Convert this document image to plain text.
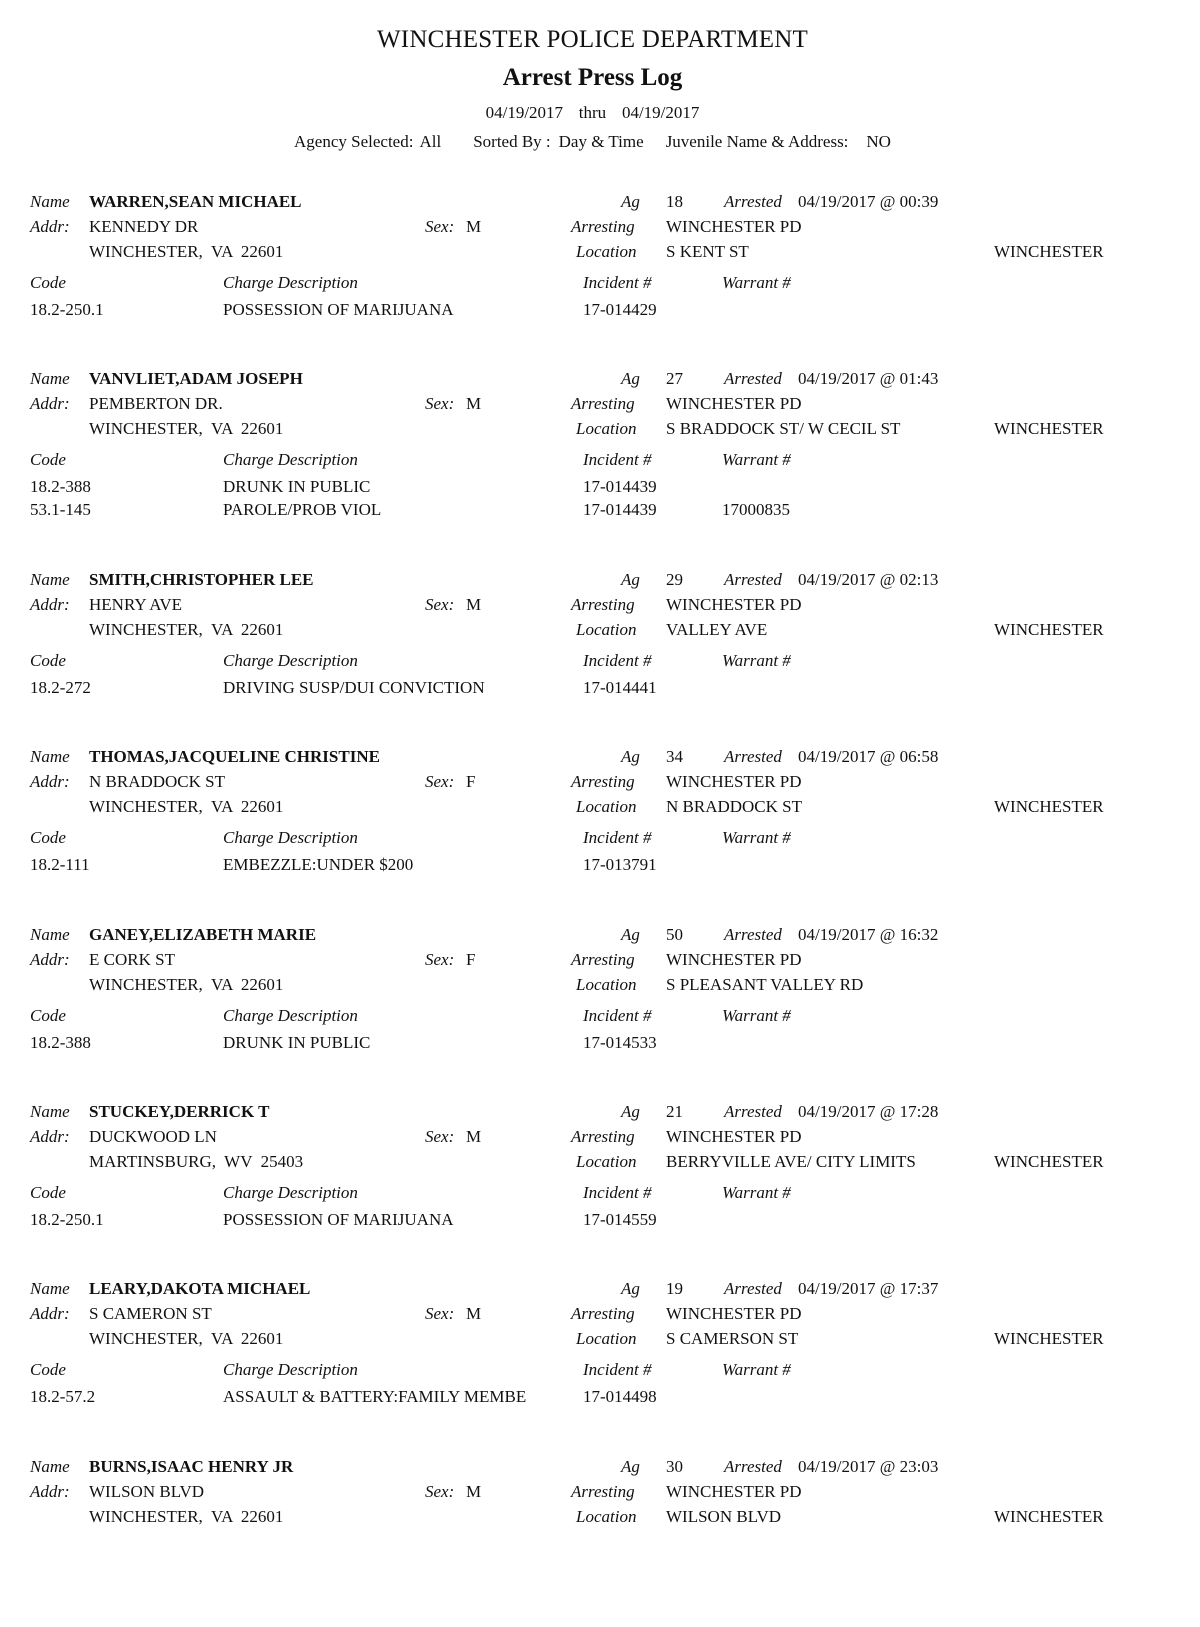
WINCHESTER POLICE DEPARTMENT
Arrest Press Log
04/19/2017 thru 04/19/2017
Agency Selected: All Sorted By : Day & Time Juvenile Name & Address: NO
Name WARREN,SEAN MICHAEL	Ag 18 Arrested 04/19/2017 @ 00:39
Addr: KENNEDY DR	Sex: M	Arresting WINCHESTER PD
WINCHESTER,  VA  22601	Location S KENT ST	WINCHESTER
Code	Charge Description	Incident #	Warrant #
18.2-250.1	POSSESSION OF MARIJUANA	17-014429
Name VANVLIET,ADAM JOSEPH	Ag 27 Arrested 04/19/2017 @ 01:43
Addr: PEMBERTON DR.	Sex: M	Arresting WINCHESTER PD
WINCHESTER,  VA  22601	Location S BRADDOCK ST/ W CECIL ST	WINCHESTER
Code	Charge Description	Incident #	Warrant #
18.2-388	DRUNK IN PUBLIC	17-014439
53.1-145	PAROLE/PROB VIOL	17-014439	17000835
Name SMITH,CHRISTOPHER LEE	Ag 29 Arrested 04/19/2017 @ 02:13
Addr: HENRY AVE	Sex: M	Arresting WINCHESTER PD
WINCHESTER,  VA  22601	Location VALLEY AVE	WINCHESTER
Code	Charge Description	Incident #	Warrant #
18.2-272	DRIVING SUSP/DUI CONVICTION	17-014441
Name THOMAS,JACQUELINE CHRISTINE	Ag 34 Arrested 04/19/2017 @ 06:58
Addr: N BRADDOCK ST	Sex: F	Arresting WINCHESTER PD
WINCHESTER,  VA  22601	Location N BRADDOCK ST	WINCHESTER
Code	Charge Description	Incident #	Warrant #
18.2-111	EMBEZZLE:UNDER $200	17-013791
Name GANEY,ELIZABETH MARIE	Ag 50 Arrested 04/19/2017 @ 16:32
Addr: E CORK ST	Sex: F	Arresting WINCHESTER PD
WINCHESTER,  VA  22601	Location S PLEASANT VALLEY RD
Code	Charge Description	Incident #	Warrant #
18.2-388	DRUNK IN PUBLIC	17-014533
Name STUCKEY,DERRICK T	Ag 21 Arrested 04/19/2017 @ 17:28
Addr: DUCKWOOD LN	Sex: M	Arresting WINCHESTER PD
MARTINSBURG,  WV  25403	Location BERRYVILLE AVE/ CITY LIMITS	WINCHESTER
Code	Charge Description	Incident #	Warrant #
18.2-250.1	POSSESSION OF MARIJUANA	17-014559
Name LEARY,DAKOTA MICHAEL	Ag 19 Arrested 04/19/2017 @ 17:37
Addr: S CAMERON ST	Sex: M	Arresting WINCHESTER PD
WINCHESTER,  VA  22601	Location S CAMERSON ST	WINCHESTER
Code	Charge Description	Incident #	Warrant #
18.2-57.2	ASSAULT & BATTERY:FAMILY MEMBE	17-014498
Name BURNS,ISAAC HENRY JR	Ag 30 Arrested 04/19/2017 @ 23:03
Addr: WILSON BLVD	Sex: M	Arresting WINCHESTER PD
WINCHESTER,  VA  22601	Location WILSON BLVD	WINCHESTER
